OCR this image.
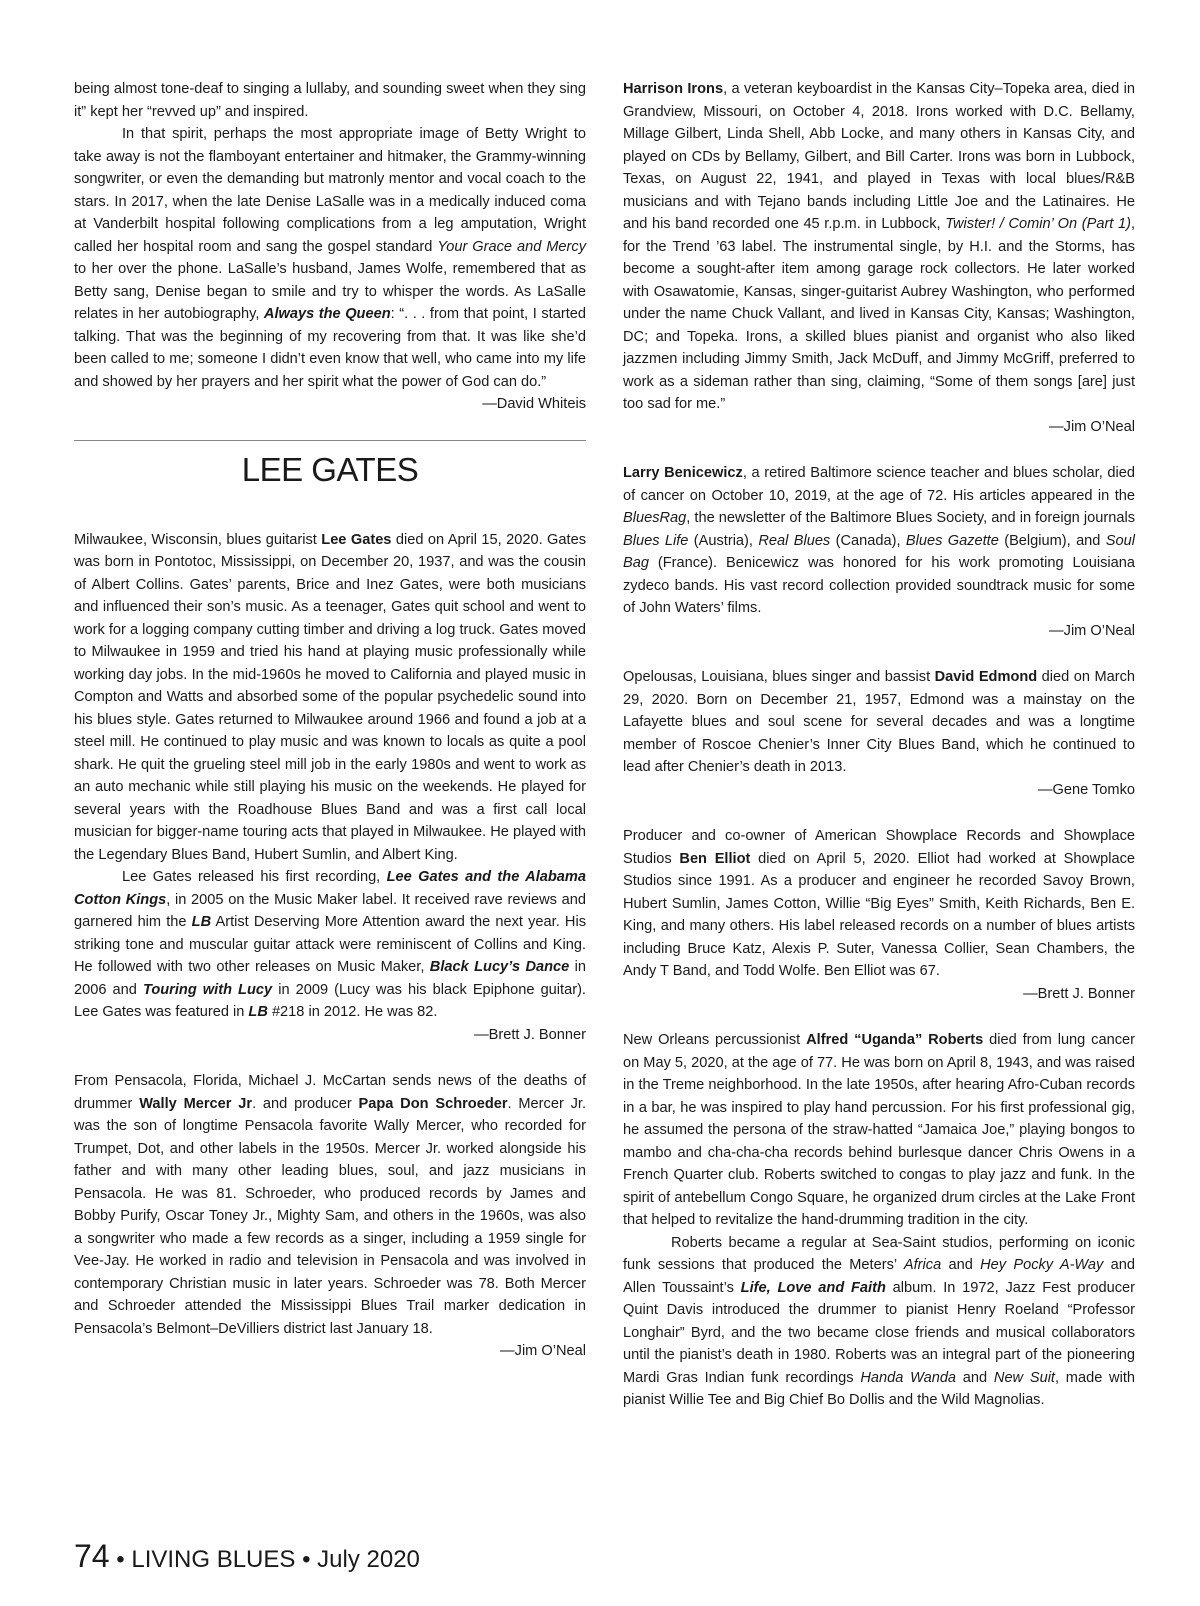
being almost tone-deaf to singing a lullaby, and sounding sweet when they sing it” kept her “revved up” and inspired.

In that spirit, perhaps the most appropriate image of Betty Wright to take away is not the flamboyant entertainer and hitmaker, the Grammy-winning songwriter, or even the demanding but matronly mentor and vocal coach to the stars. In 2017, when the late Denise LaSalle was in a medically induced coma at Vanderbilt hospital following complications from a leg amputation, Wright called her hospital room and sang the gospel standard Your Grace and Mercy to her over the phone. LaSalle’s husband, James Wolfe, remembered that as Betty sang, Denise began to smile and try to whisper the words. As LaSalle relates in her autobiography, Always the Queen: “. . . from that point, I started talking. That was the beginning of my recovering from that. It was like she’d been called to me; someone I didn’t even know that well, who came into my life and showed by her prayers and her spirit what the power of God can do.”

—David Whiteis
LEE GATES

Milwaukee, Wisconsin, blues guitarist Lee Gates died on April 15, 2020. Gates was born in Pontotoc, Mississippi, on December 20, 1937, and was the cousin of Albert Collins. Gates’ parents, Brice and Inez Gates, were both musicians and influenced their son’s music. As a teenager, Gates quit school and went to work for a logging company cutting timber and driving a log truck. Gates moved to Milwaukee in 1959 and tried his hand at playing music professionally while working day jobs. In the mid-1960s he moved to California and played music in Compton and Watts and absorbed some of the popular psychedelic sound into his blues style. Gates returned to Milwaukee around 1966 and found a job at a steel mill. He continued to play music and was known to locals as quite a pool shark. He quit the grueling steel mill job in the early 1980s and went to work as an auto mechanic while still playing his music on the weekends. He played for several years with the Roadhouse Blues Band and was a first call local musician for bigger-name touring acts that played in Milwaukee. He played with the Legendary Blues Band, Hubert Sumlin, and Albert King.

Lee Gates released his first recording, Lee Gates and the Alabama Cotton Kings, in 2005 on the Music Maker label. It received rave reviews and garnered him the LB Artist Deserving More Attention award the next year. His striking tone and muscular guitar attack were reminiscent of Collins and King. He followed with two other releases on Music Maker, Black Lucy’s Dance in 2006 and Touring with Lucy in 2009 (Lucy was his black Epiphone guitar). Lee Gates was featured in LB #218 in 2012. He was 82.

—Brett J. Bonner

From Pensacola, Florida, Michael J. McCartan sends news of the deaths of drummer Wally Mercer Jr. and producer Papa Don Schroeder. Mercer Jr. was the son of longtime Pensacola favorite Wally Mercer, who recorded for Trumpet, Dot, and other labels in the 1950s. Mercer Jr. worked alongside his father and with many other leading blues, soul, and jazz musicians in Pensacola. He was 81. Schroeder, who produced records by James and Bobby Purify, Oscar Toney Jr., Mighty Sam, and others in the 1960s, was also a songwriter who made a few records as a singer, including a 1959 single for Vee-Jay. He worked in radio and television in Pensacola and was involved in contemporary Christian music in later years. Schroeder was 78. Both Mercer and Schroeder attended the Mississippi Blues Trail marker dedication in Pensacola’s Belmont–DeVilliers district last January 18.

—Jim O’Neal

Harrison Irons, a veteran keyboardist in the Kansas City–Topeka area, died in Grandview, Missouri, on October 4, 2018. Irons worked with D.C. Bellamy, Millage Gilbert, Linda Shell, Abb Locke, and many others in Kansas City, and played on CDs by Bellamy, Gilbert, and Bill Carter. Irons was born in Lubbock, Texas, on August 22, 1941, and played in Texas with local blues/R&B musicians and with Tejano bands including Little Joe and the Latinaires. He and his band recorded one 45 r.p.m. in Lubbock, Twister! / Comin’ On (Part 1), for the Trend ’63 label. The instrumental single, by H.I. and the Storms, has become a sought-after item among garage rock collectors. He later worked with Osawatomie, Kansas, singer-guitarist Aubrey Washington, who performed under the name Chuck Vallant, and lived in Kansas City, Kansas; Washington, DC; and Topeka. Irons, a skilled blues pianist and organist who also liked jazzmen including Jimmy Smith, Jack McDuff, and Jimmy McGriff, preferred to work as a sideman rather than sing, claiming, “Some of them songs [are] just too sad for me.”

—Jim O’Neal

Larry Benicewicz, a retired Baltimore science teacher and blues scholar, died of cancer on October 10, 2019, at the age of 72. His articles appeared in the BluesRag, the newsletter of the Baltimore Blues Society, and in foreign journals Blues Life (Austria), Real Blues (Canada), Blues Gazette (Belgium), and Soul Bag (France). Benicewicz was honored for his work promoting Louisiana zydeco bands. His vast record collection provided soundtrack music for some of John Waters’ films.

—Jim O’Neal

Opelousas, Louisiana, blues singer and bassist David Edmond died on March 29, 2020. Born on December 21, 1957, Edmond was a mainstay on the Lafayette blues and soul scene for several decades and was a longtime member of Roscoe Chenier’s Inner City Blues Band, which he continued to lead after Chenier’s death in 2013.

—Gene Tomko

Producer and co-owner of American Showplace Records and Showplace Studios Ben Elliot died on April 5, 2020. Elliot had worked at Showplace Studios since 1991. As a producer and engineer he recorded Savoy Brown, Hubert Sumlin, James Cotton, Willie “Big Eyes” Smith, Keith Richards, Ben E. King, and many others. His label released records on a number of blues artists including Bruce Katz, Alexis P. Suter, Vanessa Collier, Sean Chambers, the Andy T Band, and Todd Wolfe. Ben Elliot was 67.

—Brett J. Bonner

New Orleans percussionist Alfred “Uganda” Roberts died from lung cancer on May 5, 2020, at the age of 77. He was born on April 8, 1943, and was raised in the Treme neighborhood. In the late 1950s, after hearing Afro-Cuban records in a bar, he was inspired to play hand percussion. For his first professional gig, he assumed the persona of the straw-hatted “Jamaica Joe,” playing bongos to mambo and cha-cha-cha records behind burlesque dancer Chris Owens in a French Quarter club. Roberts switched to congas to play jazz and funk. In the spirit of antebellum Congo Square, he organized drum circles at the Lake Front that helped to revitalize the hand-drumming tradition in the city.

Roberts became a regular at Sea-Saint studios, performing on iconic funk sessions that produced the Meters’ Africa and Hey Pocky A-Way and Allen Toussaint’s Life, Love and Faith album. In 1972, Jazz Fest producer Quint Davis introduced the drummer to pianist Henry Roeland “Professor Longhair” Byrd, and the two became close friends and musical collaborators until the pianist’s death in 1980. Roberts was an integral part of the pioneering Mardi Gras Indian funk recordings Handa Wanda and New Suit, made with pianist Willie Tee and Big Chief Bo Dollis and the Wild Magnolias.

74 • LIVING BLUES • July 2020
